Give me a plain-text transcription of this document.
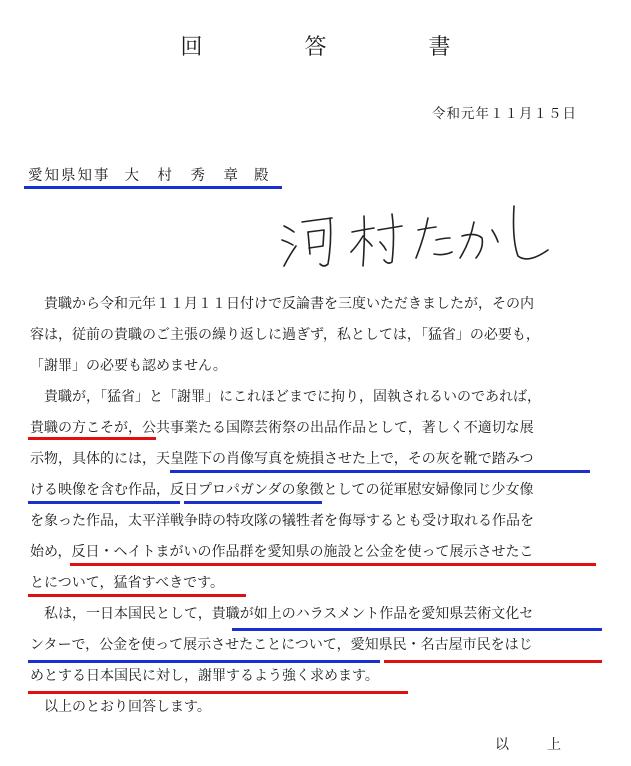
回　答　書
令和元年１１月１５日
愛知県知事 大　村　秀　章 殿

貴職から令和元年１１月１１日付けで反論書を三度いただきましたが，その内
容は，従前の貴職のご主張の繰り返しに過ぎず，私としては，「猛省」の必要も，
「謝罪」の必要も認めません。

貴職が，「猛省」と「謝罪」にこれほどまでに拘り，固執されるいのであれば，
貴職の方こそが，公共事業たる国際芸術祭の出品作品として，著しく不適切な展
示物，具体的には，天皇陛下の肖像写真を焼損させた上で，その灰を靴で踏みつ
ける映像を含む作品，反日プロパガンダの象徴としての従軍慰安婦像同じ少女像
を象った作品，太平洋戦争時の特攻隊の犠牲者を侮辱するとも受け取れる作品を
始め，反日・ヘイトまがいの作品群を愛知県の施設と公金を使って展示させたこ
とについて，猛省すべきです。

私は，一日本国民として，貴職が如上のハラスメント作品を愛知県芸術文化セ
ンターで，公金を使って展示させたことについて，愛知県民・名古屋市民をはじ
めとする日本国民に対し，謝罪するよう強く求めます。

以上のとおり回答します。

以　上
